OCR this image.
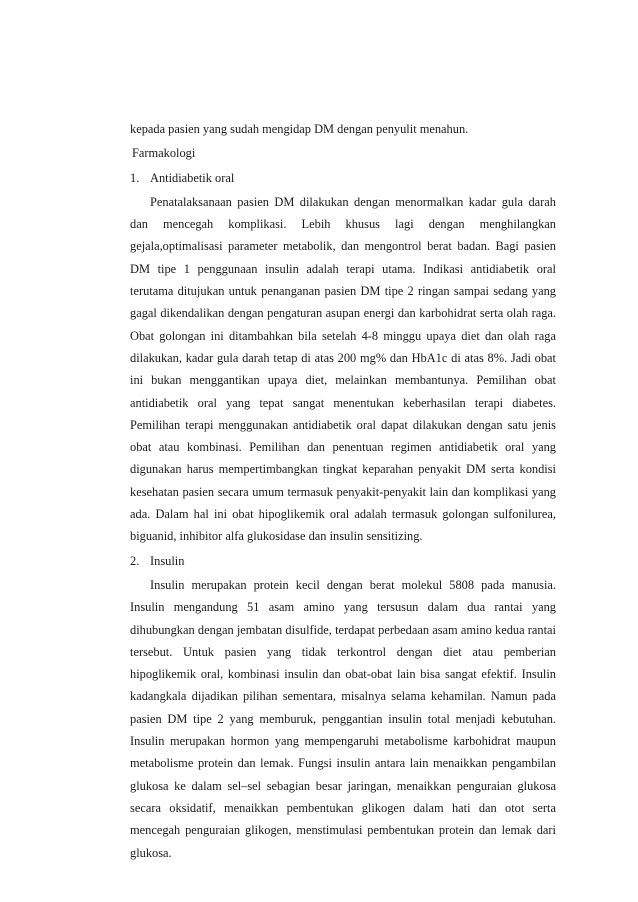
kepada pasien yang sudah mengidap DM dengan penyulit menahun.

Farmakologi

1. Antidiabetik oral

Penatalaksanaan pasien DM dilakukan dengan menormalkan kadar gula darah dan mencegah komplikasi. Lebih khusus lagi dengan menghilangkan gejala,optimalisasi parameter metabolik, dan mengontrol berat badan. Bagi pasien DM tipe 1 penggunaan insulin adalah terapi utama. Indikasi antidiabetik oral terutama ditujukan untuk penanganan pasien DM tipe 2 ringan sampai sedang yang gagal dikendalikan dengan pengaturan asupan energi dan karbohidrat serta olah raga. Obat golongan ini ditambahkan bila setelah 4-8 minggu upaya diet dan olah raga dilakukan, kadar gula darah tetap di atas 200 mg% dan HbA1c di atas 8%. Jadi obat ini bukan menggantikan upaya diet, melainkan membantunya. Pemilihan obat antidiabetik oral yang tepat sangat menentukan keberhasilan terapi diabetes. Pemilihan terapi menggunakan antidiabetik oral dapat dilakukan dengan satu jenis obat atau kombinasi. Pemilihan dan penentuan regimen antidiabetik oral yang digunakan harus mempertimbangkan tingkat keparahan penyakit DM serta kondisi kesehatan pasien secara umum termasuk penyakit-penyakit lain dan komplikasi yang ada. Dalam hal ini obat hipoglikemik oral adalah termasuk golongan sulfonilurea, biguanid, inhibitor alfa glukosidase dan insulin sensitizing.

2. Insulin

Insulin merupakan protein kecil dengan berat molekul 5808 pada manusia. Insulin mengandung 51 asam amino yang tersusun dalam dua rantai yang dihubungkan dengan jembatan disulfide, terdapat perbedaan asam amino kedua rantai tersebut. Untuk pasien yang tidak terkontrol dengan diet atau pemberian hipoglikemik oral, kombinasi insulin dan obat-obat lain bisa sangat efektif. Insulin kadangkala dijadikan pilihan sementara, misalnya selama kehamilan. Namun pada pasien DM tipe 2 yang memburuk, penggantian insulin total menjadi kebutuhan. Insulin merupakan hormon yang mempengaruhi metabolisme karbohidrat maupun metabolisme protein dan lemak. Fungsi insulin antara lain menaikkan pengambilan glukosa ke dalam sel–sel sebagian besar jaringan, menaikkan penguraian glukosa secara oksidatif, menaikkan pembentukan glikogen dalam hati dan otot serta mencegah penguraian glikogen, menstimulasi pembentukan protein dan lemak dari glukosa.
